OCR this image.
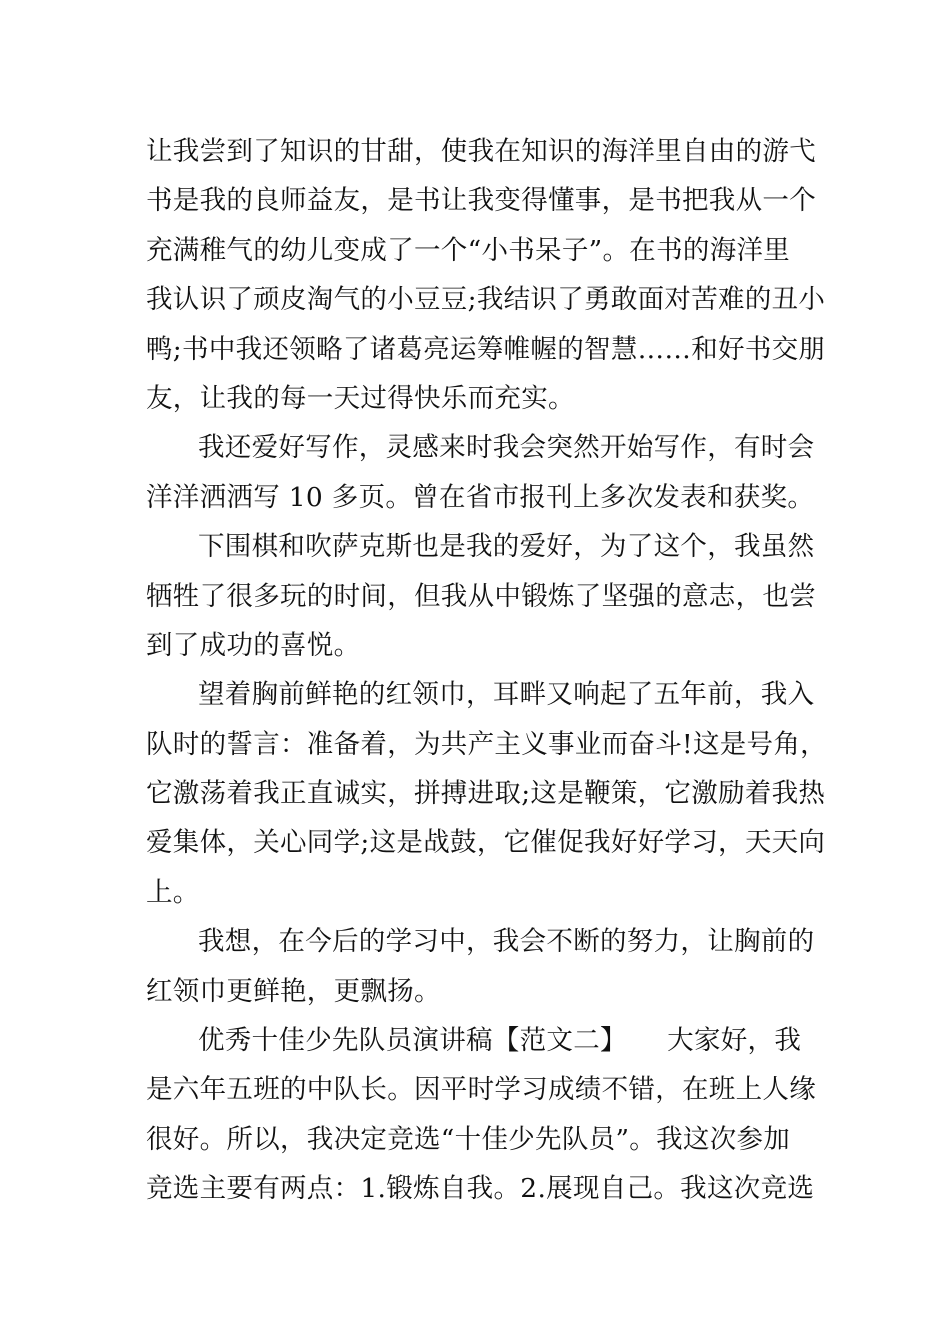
让我尝到了知识的甘甜，使我在知识的海洋里自由的游弋
书是我的良师益友，是书让我变得懂事，是书把我从一个
充满稚气的幼儿变成了一个“小书呆子”。在书的海洋里
我认识了顽皮淘气的小豆豆;我结识了勇敢面对苦难的丑小
鸭;书中我还领略了诸葛亮运筹帷幄的智慧……和好书交朋
友，让我的每一天过得快乐而充实。
我还爱好写作，灵感来时我会突然开始写作，有时会
洋洋洒洒写 10 多页。曾在省市报刊上多次发表和获奖。
下围棋和吹萨克斯也是我的爱好，为了这个，我虽然
牺牲了很多玩的时间，但我从中锻炼了坚强的意志，也尝
到了成功的喜悦。
望着胸前鲜艳的红领巾，耳畔又响起了五年前，我入
队时的誓言：准备着，为共产主义事业而奋斗!这是号角，
它激荡着我正直诚实，拼搏进取;这是鞭策，它激励着我热
爱集体，关心同学;这是战鼓，它催促我好好学习，天天向
上。
我想，在今后的学习中，我会不断的努力，让胸前的
红领巾更鲜艳，更飘扬。
优秀十佳少先队员演讲稿【范文二】　　大家好，我
是六年五班的中队长。因平时学习成绩不错，在班上人缘
很好。所以，我决定竞选“十佳少先队员”。我这次参加
竞选主要有两点：1.锻炼自我。2.展现自己。我这次竞选
